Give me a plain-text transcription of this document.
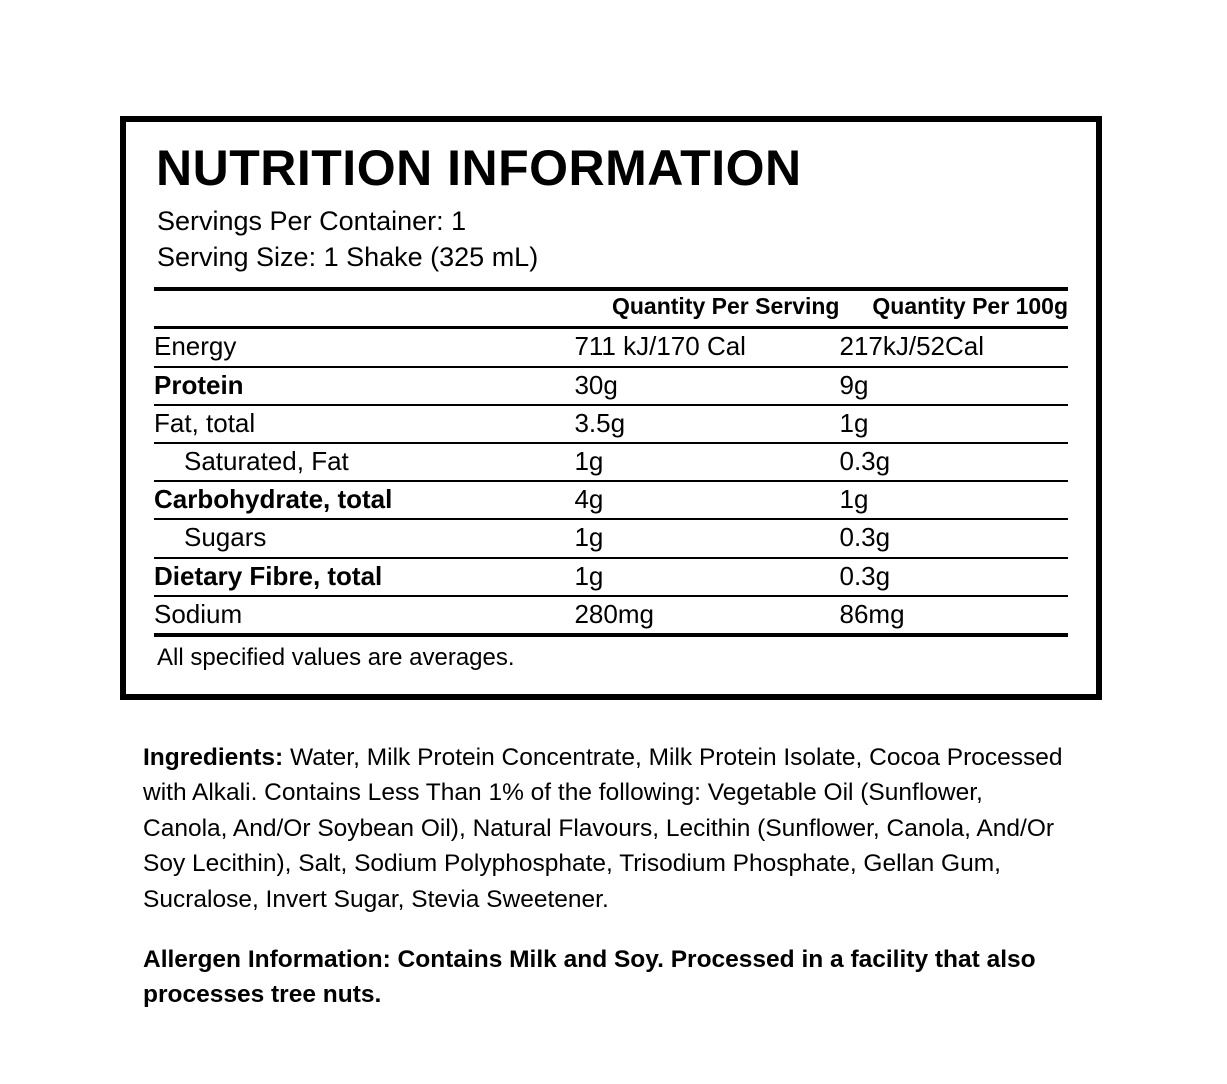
NUTRITION INFORMATION
Servings Per Container: 1
Serving Size: 1 Shake (325 mL)
	Quantity Per Serving	Quantity Per 100g
Energy	711 kJ/170 Cal	217kJ/52Cal
Protein	30g	9g
Fat, total	3.5g	1g
Saturated, Fat	1g	0.3g
Carbohydrate, total	4g	1g
Sugars	1g	0.3g
Dietary Fibre, total	1g	0.3g
Sodium	280mg	86mg
All specified values are averages.

Ingredients: Water, Milk Protein Concentrate, Milk Protein Isolate, Cocoa Processed with Alkali. Contains Less Than 1% of the following: Vegetable Oil (Sunflower, Canola, And/Or Soybean Oil), Natural Flavours, Lecithin (Sunflower, Canola, And/Or Soy Lecithin), Salt, Sodium Polyphosphate, Trisodium Phosphate, Gellan Gum, Sucralose, Invert Sugar, Stevia Sweetener.

Allergen Information: Contains Milk and Soy. Processed in a facility that also processes tree nuts.
